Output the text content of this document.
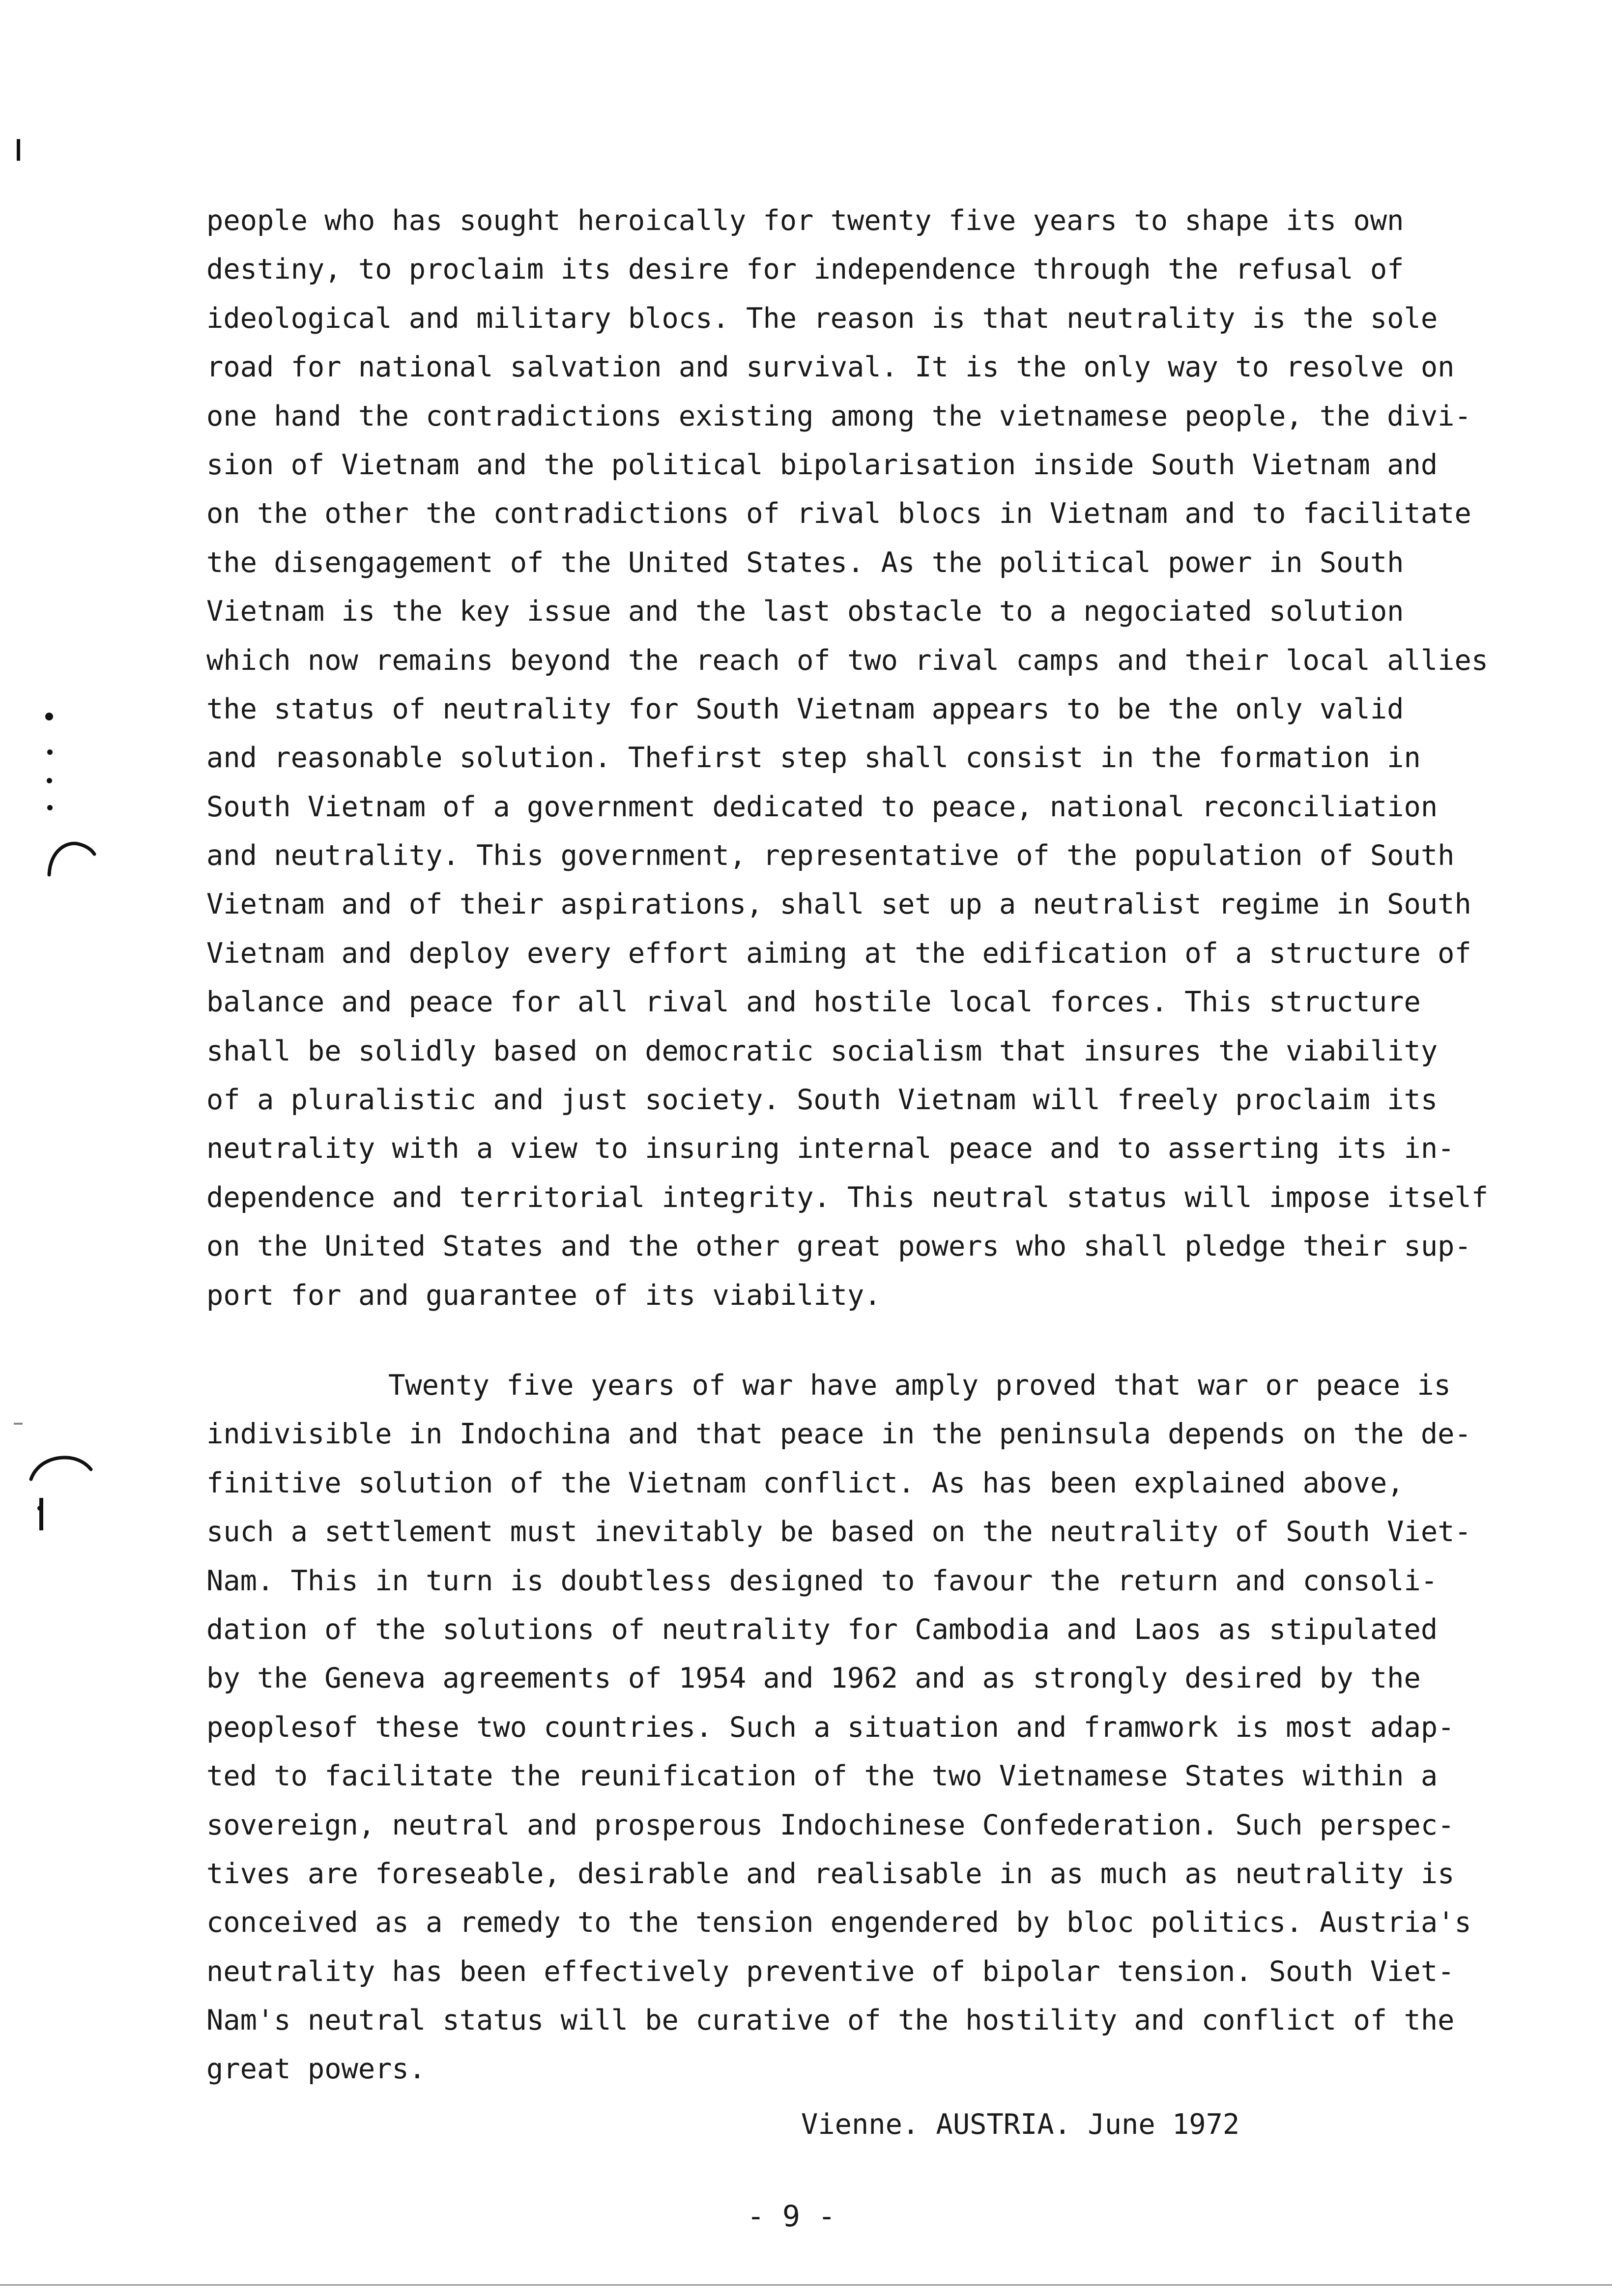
people who has sought heroically for twenty five years to shape its own
destiny, to proclaim its desire for independence through the refusal of
ideological and military blocs. The reason is that neutrality is the sole
road for national salvation and survival. It is the only way to resolve on
one hand the contradictions existing among the vietnamese people, the divi-
sion of Vietnam and the political bipolarisation inside South Vietnam and
on the other the contradictions of rival blocs in Vietnam and to facilitate
the disengagement of the United States. As the political power in South
Vietnam is the key issue and the last obstacle to a negociated solution
which now remains beyond the reach of two rival camps and their local allies
the status of neutrality for South Vietnam appears to be the only valid
and reasonable solution. Thefirst step shall consist in the formation in
South Vietnam of a government dedicated to peace, national reconciliation
and neutrality. This government, representative of the population of South
Vietnam and of their aspirations, shall set up a neutralist regime in South
Vietnam and deploy every effort aiming at the edification of a structure of
balance and peace for all rival and hostile local forces. This structure
shall be solidly based on democratic socialism that insures the viability
of a pluralistic and just society. South Vietnam will freely proclaim its
neutrality with a view to insuring internal peace and to asserting its in-
dependence and territorial integrity. This neutral status will impose itself
on the United States and the other great powers who shall pledge their sup-
port for and guarantee of its viability.
Twenty five years of war have amply proved that war or peace is
indivisible in Indochina and that peace in the peninsula depends on the de-
finitive solution of the Vietnam conflict. As has been explained above,
such a settlement must inevitably be based on the neutrality of South Viet-
Nam. This in turn is doubtless designed to favour the return and consoli-
dation of the solutions of neutrality for Cambodia and Laos as stipulated
by the Geneva agreements of 1954 and 1962 and as strongly desired by the
peoplesof these two countries. Such a situation and framwork is most adap-
ted to facilitate the reunification of the two Vietnamese States within a
sovereign, neutral and prosperous Indochinese Confederation. Such perspec-
tives are foreseable, desirable and realisable in as much as neutrality is
conceived as a remedy to the tension engendered by bloc politics. Austria's
neutrality has been effectively preventive of bipolar tension. South Viet-
Nam's neutral status will be curative of the hostility and conflict of the
great powers.
Vienne. AUSTRIA. June 1972
- 9 -
